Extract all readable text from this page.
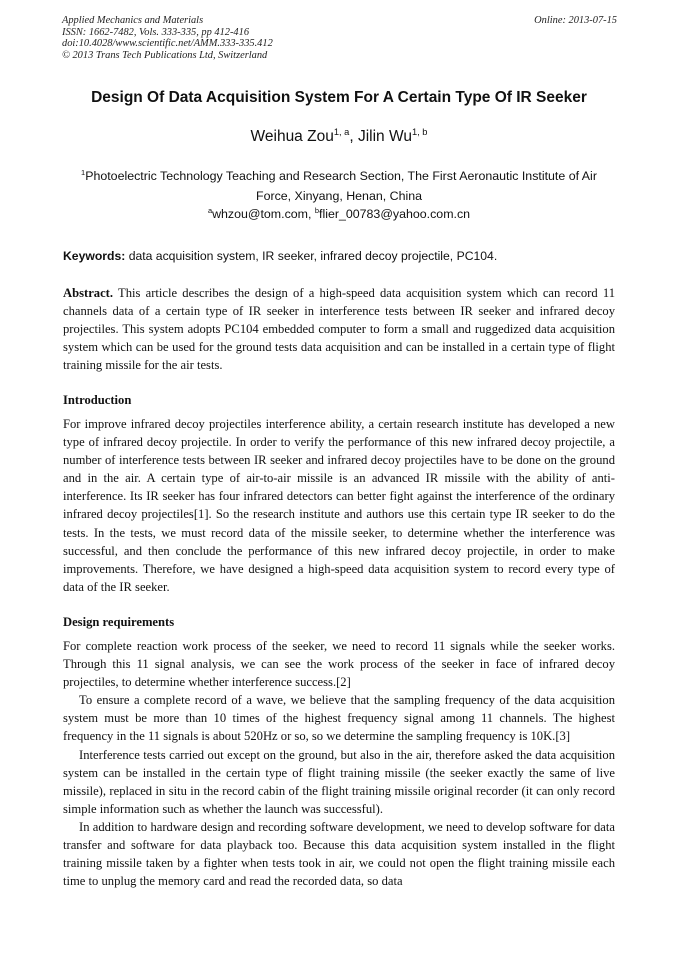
Applied Mechanics and Materials
ISSN: 1662-7482, Vols. 333-335, pp 412-416
doi:10.4028/www.scientific.net/AMM.333-335.412
© 2013 Trans Tech Publications Ltd, Switzerland
Online: 2013-07-15
Design Of Data Acquisition System For A Certain Type Of IR Seeker
Weihua Zou$^{1, a}$, Jilin Wu$^{1, b}$
$^1$Photoelectric Technology Teaching and Research Section, The First Aeronautic Institute of Air Force, Xinyang, Henan, China
$^a$whzou@tom.com, $^b$flier_00783@yahoo.com.cn
Keywords: data acquisition system, IR seeker, infrared decoy projectile, PC104.

Abstract. This article describes the design of a high-speed data acquisition system which can record 11 channels data of a certain type of IR seeker in interference tests between IR seeker and infrared decoy projectiles. This system adopts PC104 embedded computer to form a small and ruggedized data acquisition system which can be used for the ground tests data acquisition and can be installed in a certain type of flight training missile for the air tests.

Introduction

For improve infrared decoy projectiles interference ability, a certain research institute has developed a new type of infrared decoy projectile. In order to verify the performance of this new infrared decoy projectile, a number of interference tests between IR seeker and infrared decoy projectiles have to be done on the ground and in the air. A certain type of air-to-air missile is an advanced IR missile with the ability of anti-interference. Its IR seeker has four infrared detectors can better fight against the interference of the ordinary infrared decoy projectiles[1]. So the research institute and authors use this certain type IR seeker to do the tests. In the tests, we must record data of the missile seeker, to determine whether the interference was successful, and then conclude the performance of this new infrared decoy projectile, in order to make improvements. Therefore, we have designed a high-speed data acquisition system to record every type of data of the IR seeker.

Design requirements

For complete reaction work process of the seeker, we need to record 11 signals while the seeker works. Through this 11 signal analysis, we can see the work process of the seeker in face of infrared decoy projectiles, to determine whether interference success.[2]

To ensure a complete record of a wave, we believe that the sampling frequency of the data acquisition system must be more than 10 times of the highest frequency signal among 11 channels. The highest frequency in the 11 signals is about 520Hz or so, so we determine the sampling frequency is 10K.[3]

Interference tests carried out except on the ground, but also in the air, therefore asked the data acquisition system can be installed in the certain type of flight training missile (the seeker exactly the same of live missile), replaced in situ in the record cabin of the flight training missile original recorder (it can only record simple information such as whether the launch was successful).

In addition to hardware design and recording software development, we need to develop software for data transfer and software for data playback too. Because this data acquisition system installed in the flight training missile taken by a fighter when tests took in air, we could not open the flight training missile each time to unplug the memory card and read the recorded data, so data
